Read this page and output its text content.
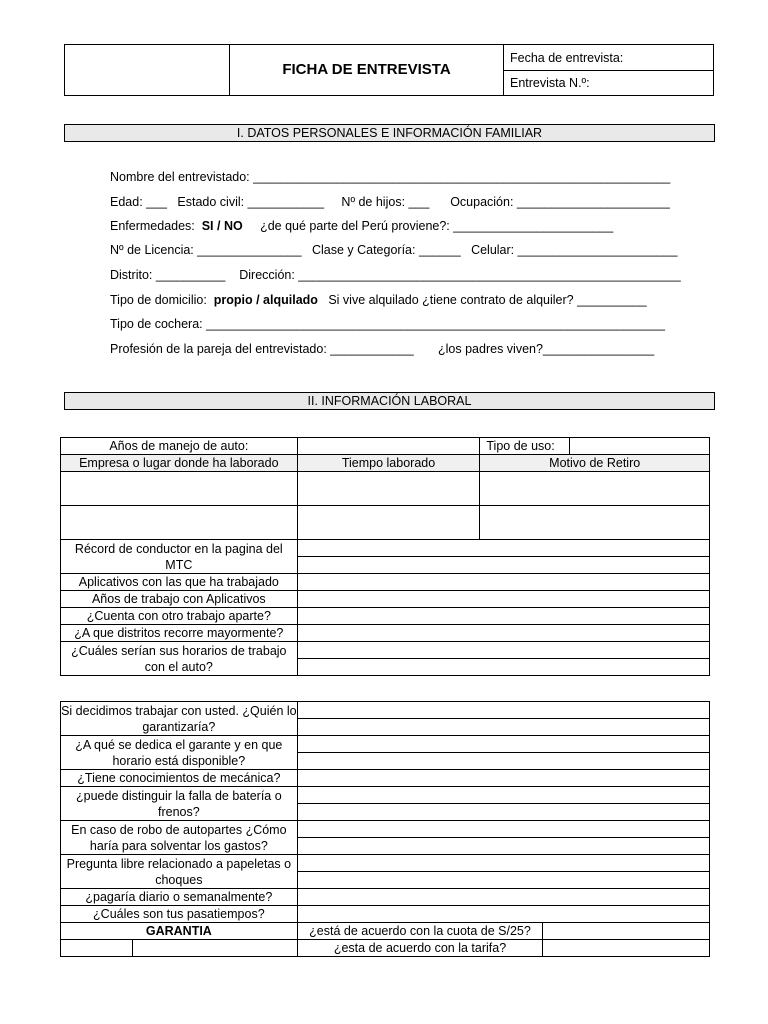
	FICHA DE ENTREVISTA	Fecha de entrevista:
Entrevista N.º:
I. DATOS PERSONALES E INFORMACIÓN FAMILIAR
Nombre del entrevistado: ____________________________________________________________
Edad: ___   Estado civil: ___________     Nº de hijos: ___      Ocupación: ______________________
Enfermedades:  SI / NO     ¿de qué parte del Perú proviene?: _______________________
Nº de Licencia: _______________   Clase y Categoría: ______   Celular: _______________________
Distrito: __________    Dirección: _______________________________________________________
Tipo de domicilio:  propio / alquilado   Si vive alquilado ¿tiene contrato de alquiler? __________
Tipo de cochera: __________________________________________________________________
Profesión de la pareja del entrevistado: ____________       ¿los padres viven?________________
II. INFORMACIÓN LABORAL
Años de manejo de auto:		Tipo de uso:	
Empresa o lugar donde ha laborado	Tiempo laborado	Motivo de Retiro	

Récord de conductor en la pagina del MTC			

Aplicativos con las que ha trabajado			
Años de trabajo con Aplicativos			
¿Cuenta con otro trabajo aparte?			
¿A que distritos recorre mayormente?			
¿Cuáles serían sus horarios de trabajo con el auto?			

Si decidimos trabajar con usted. ¿Quién lo garantizaría?			

¿A qué se dedica el garante y en que horario está disponible?			

¿Tiene conocimientos de mecánica?			
¿puede distinguir la falla de batería o frenos?			

En caso de robo de autopartes ¿Cómo haría para solventar los gastos?			

Pregunta libre relacionado a papeletas o choques			

¿pagaría diario o semanalmente?			
¿Cuáles son tus pasatiempos?			
GARANTIA		¿está de acuerdo con la cuota de S/25?	
		¿esta de acuerdo con la tarifa?	
